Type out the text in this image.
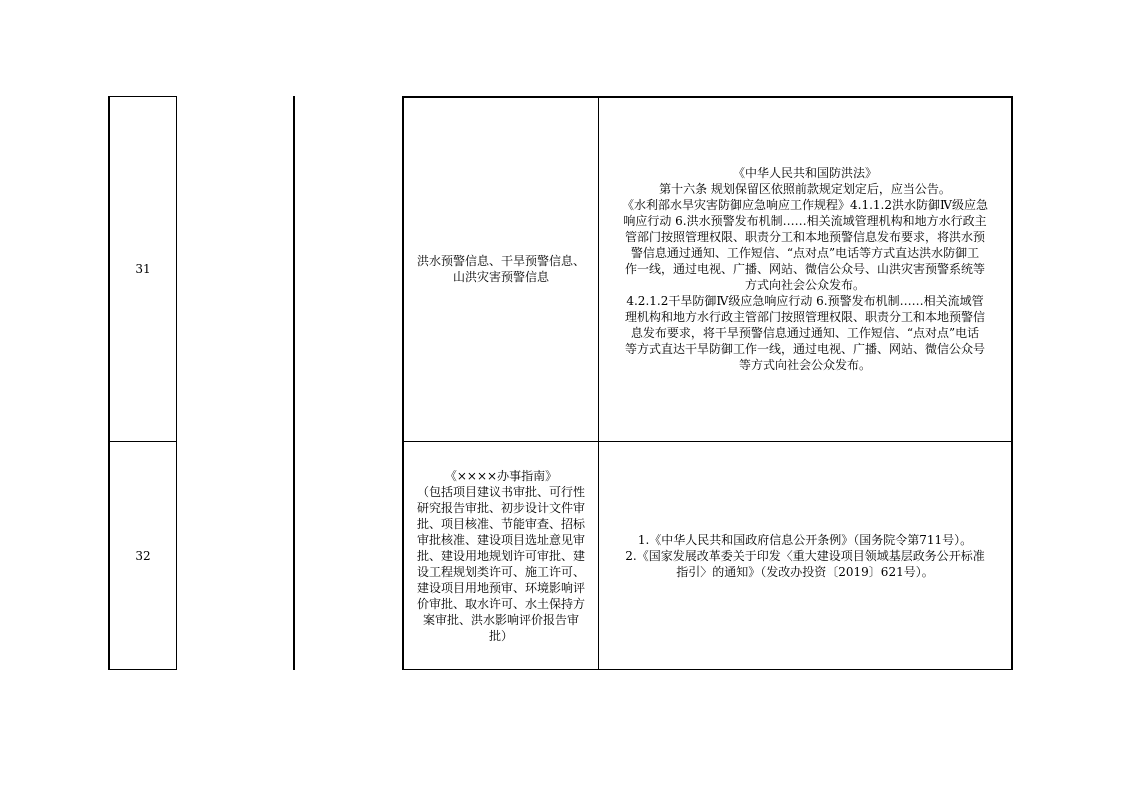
31
洪水预警信息、干旱预警信息、
山洪灾害预警信息
《中华人民共和国防洪法》
第十六条 规划保留区依照前款规定划定后，应当公告。
《水利部水旱灾害防御应急响应工作规程》4.1.1.2洪水防御Ⅳ级应急
响应行动 6.洪水预警发布机制……相关流域管理机构和地方水行政主
管部门按照管理权限、职责分工和本地预警信息发布要求，将洪水预
警信息通过通知、工作短信、“点对点”电话等方式直达洪水防御工
作一线，通过电视、广播、网站、微信公众号、山洪灾害预警系统等
方式向社会公众发布。
4.2.1.2干旱防御Ⅳ级应急响应行动 6.预警发布机制……相关流域管
理机构和地方水行政主管部门按照管理权限、职责分工和本地预警信
息发布要求，将干旱预警信息通过通知、工作短信、“点对点”电话
等方式直达干旱防御工作一线，通过电视、广播、网站、微信公众号
等方式向社会公众发布。
32
《××××办事指南》
（包括项目建议书审批、可行性
研究报告审批、初步设计文件审
批、项目核准、节能审查、招标
审批核准、建设项目选址意见审
批、建设用地规划许可审批、建
设工程规划类许可、施工许可、
建设项目用地预审、环境影响评
价审批、取水许可、水土保持方
案审批、洪水影响评价报告审
批）
1.《中华人民共和国政府信息公开条例》（国务院令第711号）。
2.《国家发展改革委关于印发〈重大建设项目领域基层政务公开标准
指引〉的通知》（发改办投资〔2019〕621号）。
